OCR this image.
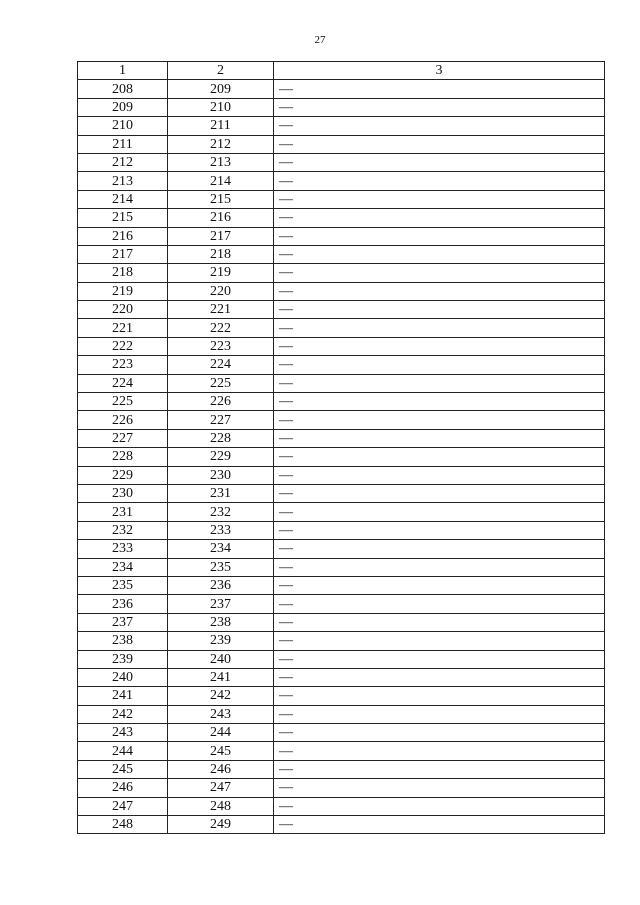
27
1	2	3
208	209	—
209	210	—
210	211	—
211	212	—
212	213	—
213	214	—
214	215	—
215	216	—
216	217	—
217	218	—
218	219	—
219	220	—
220	221	—
221	222	—
222	223	—
223	224	—
224	225	—
225	226	—
226	227	—
227	228	—
228	229	—
229	230	—
230	231	—
231	232	—
232	233	—
233	234	—
234	235	—
235	236	—
236	237	—
237	238	—
238	239	—
239	240	—
240	241	—
241	242	—
242	243	—
243	244	—
244	245	—
245	246	—
246	247	—
247	248	—
248	249	—
